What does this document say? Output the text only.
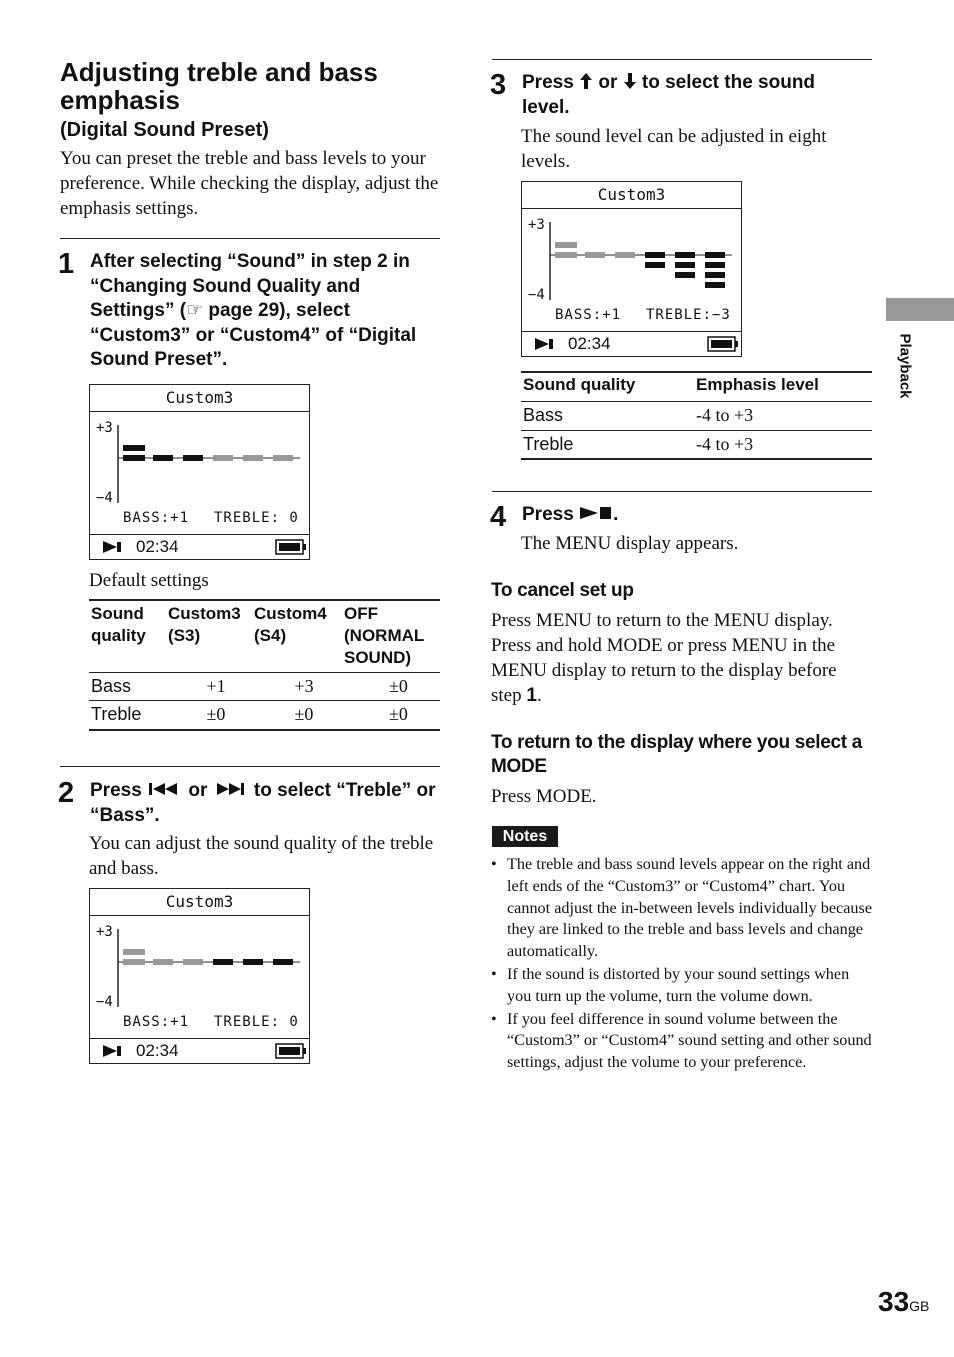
Adjusting treble and bass emphasis
(Digital Sound Preset)
You can preset the treble and bass levels to your preference. While checking the display, adjust the emphasis settings.
1 After selecting “Sound” in step 2 in “Changing Sound Quality and Settings” (☞ page 29), select “Custom3” or “Custom4” of “Digital Sound Preset”.
Custom3
+3
−4
BASS:+1 TREBLE: 0
02:34
Default settings
Sound quality	Custom3 (S3)	Custom4 (S4)	OFF (NORMAL SOUND)
Bass	+1	+3	±0
Treble	±0	±0	±0
2 Press or to select “Treble” or “Bass”.
You can adjust the sound quality of the treble and bass.
Custom3
+3
−4
BASS:+1 TREBLE: 0
02:34
3 Press or to select the sound level.
The sound level can be adjusted in eight levels.
Custom3
+3
−4
BASS:+1 TREBLE:−3
02:34
Sound quality	Emphasis level
Bass	-4 to +3
Treble	-4 to +3
4 Press .
The MENU display appears.
To cancel set up
Press MENU to return to the MENU display. Press and hold MODE or press MENU in the MENU display to return to the display before step 1.
To return to the display where you select a MODE
Press MODE.
Notes
• The treble and bass sound levels appear on the right and left ends of the “Custom3” or “Custom4” chart. You cannot adjust the in-between levels individually because they are linked to the treble and bass levels and change automatically.
• If the sound is distorted by your sound settings when you turn up the volume, turn the volume down.
• If you feel difference in sound volume between the “Custom3” or “Custom4” sound setting and other sound settings, adjust the volume to your preference.
Playback
33GB
